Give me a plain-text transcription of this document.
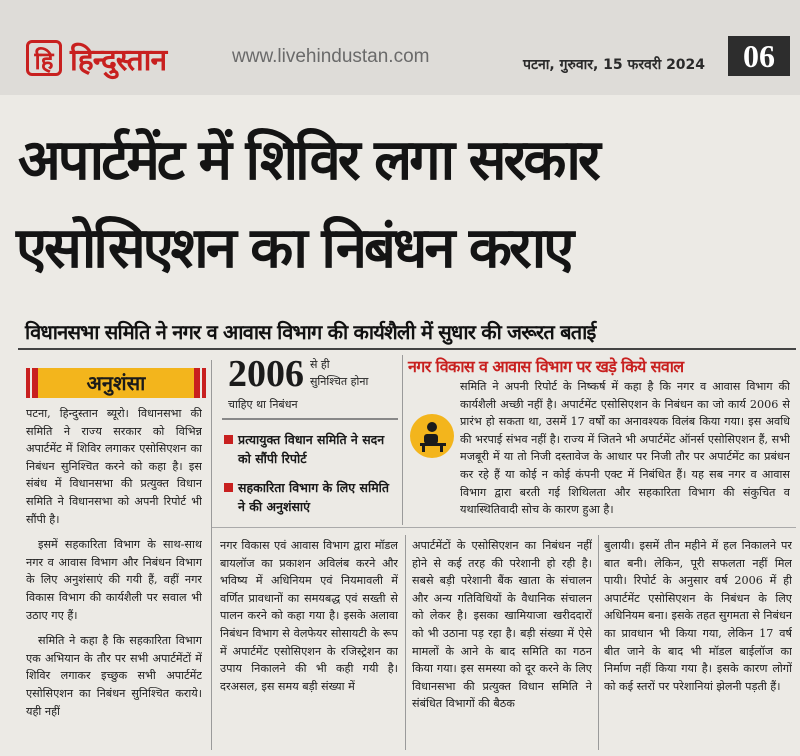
हि हिन्दुस्तान	www.livehindustan.com	पटना, गुरुवार, 15 फरवरी 2024	06
अपार्टमेंट में शिविर लगा सरकार
एसोसिएशन का निबंधन कराए
विधानसभा समिति ने नगर व आवास विभाग की कार्यशैली में सुधार की जरूरत बताई
अनुशंसा

पटना, हिन्दुस्तान ब्यूरो। विधानसभा की समिति ने राज्य सरकार को विभिन्न अपार्टमेंट में शिविर लगाकर एसोसिएशन का निबंधन सुनिश्चित करने को कहा है। इस संबंध में विधानसभा की प्रत्युक्त विधान समिति ने विधानसभा को अपनी रिपोर्ट भी सौंपी है।

इसमें सहकारिता विभाग के साथ-साथ नगर व आवास विभाग और निबंधन विभाग के लिए अनुशंसाएं की गयी हैं, वहीं नगर विकास विभाग की कार्यशैली पर सवाल भी उठाए गए हैं।

समिति ने कहा है कि सहकारिता विभाग एक अभियान के तौर पर सभी अपार्टमेंटों में शिविर लगाकर इच्छुक सभी अपार्टमेंट एसोसिएशन का निबंधन सुनिश्चित कराये। यही नहीं

2006 से ही
सुनिश्चित होना
चाहिए था निबंधन
प्रत्यायुक्त विधान समिति ने सदन को सौंपी रिपोर्ट
सहकारिता विभाग के लिए समिति ने की अनुशंसाएं
नगर विकास व आवास विभाग पर खड़े किये सवाल
समिति ने अपनी रिपोर्ट के निष्कर्ष में कहा है कि नगर व आवास विभाग की कार्यशैली अच्छी नहीं है। अपार्टमेंट एसोसिएशन के निबंधन का जो कार्य 2006 से प्रारंभ हो सकता था, उसमें 17 वर्षों का अनावश्यक विलंब किया गया। इस अवधि की भरपाई संभव नहीं है। राज्य में जितने भी अपार्टमेंट ऑनर्स एसोसिएशन हैं, सभी मजबूरी में या तो निजी दस्तावेज के आधार पर निजी तौर पर अपार्टमेंट का प्रबंधन कर रहे हैं या कोई न कोई कंपनी एक्ट में निबंधित हैं। यह सब नगर व आवास विभाग द्वारा बरती गई शिथिलता और सहकारिता विभाग की संकुचित व यथास्थितिवादी सोच के कारण हुआ है।
नगर विकास एवं आवास विभाग द्वारा मॉडल बायलॉज का प्रकाशन अविलंब करने और भविष्य में अधिनियम एवं नियमावली में वर्णित प्रावधानों का समयबद्ध एवं सख्ती से पालन करने को कहा गया है। इसके अलावा निबंधन विभाग से वेलफेयर सोसायटी के रूप में अपार्टमेंट एसोसिएशन के रजिस्ट्रेशन का उपाय निकालने की भी कही गयी है। दरअसल, इस समय बड़ी संख्या में
अपार्टमेंटों के एसोसिएशन का निबंधन नहीं होने से कई तरह की परेशानी हो रही है। सबसे बड़ी परेशानी बैंक खाता के संचालन और अन्य गतिविधियों के वैधानिक संचालन को लेकर है। इसका खामियाजा खरीददारों को भी उठाना पड़ रहा है। बड़ी संख्या में ऐसे मामलों के आने के बाद समिति का गठन किया गया। इस समस्या को दूर करने के लिए विधानसभा की प्रत्युक्त विधान समिति ने संबंधित विभागों की बैठक
बुलायी। इसमें तीन महीने में हल निकालने पर बात बनी। लेकिन, पूरी सफलता नहीं मिल पायी। रिपोर्ट के अनुसार वर्ष 2006 में ही अपार्टमेंट एसोसिएशन के निबंधन के लिए अधिनियम बना। इसके तहत सुगमता से निबंधन का प्रावधान भी किया गया, लेकिन 17 वर्ष बीत जाने के बाद भी मॉडल बाईलॉज का निर्माण नहीं किया गया है। इसके कारण लोगों को कई स्तरों पर परेशानियां झेलनी पड़ती हैं।
